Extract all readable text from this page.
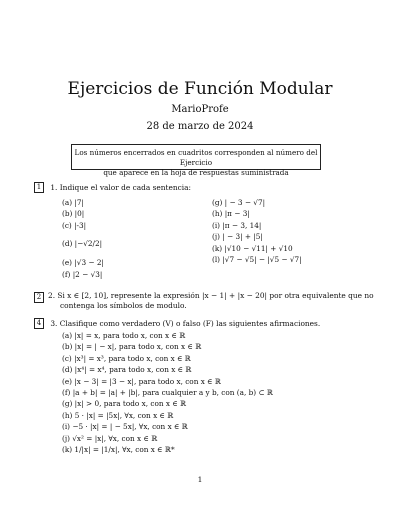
Ejercicios de Función Modular
MarioProfe
28 de marzo de 2024
Los números encerrados en cuadritos corresponden al número del Ejercicio
que aparece en la hoja de respuestas suministrada
1 1. Indique el valor de cada sentencia:
(a) |7|
(b) |0|
(c) |-3|
(d) |−√2/2|
(e) |√3 − 2|
(f) |2 − √3|
(g) | − 3 − √7|
(h) |π − 3|
(i) |π − 3, 14|
(j) | − 3| + |5|
(k) |√10 − √11| + √10
(l) |√7 − √5| − |√5 − √7|
2 2. Si x ∈ [2, 10], represente la expresión |x − 1| + |x − 20| por otra equivalente que no
contenga los símbolos de modulo.
4 3. Clasifique como verdadero (V) o falso (F) las siguientes afirmaciones.
(a) |x| = x, para todo x, con x ∈ ℝ
(b) |x| = | − x|, para todo x, con x ∈ ℝ
(c) |x³| = x³, para todo x, con x ∈ ℝ
(d) |x⁴| = x⁴, para todo x, con x ∈ ℝ
(e) |x − 3| = |3 − x|, para todo x, con x ∈ ℝ
(f) |a + b| = |a| + |b|, para cualquier a y b, con (a, b) ⊂ ℝ
(g) |x| > 0, para todo x, con x ∈ ℝ
(h) 5 · |x| = |5x|, ∀x, con x ∈ ℝ
(i) −5 · |x| = | − 5x|, ∀x, con x ∈ ℝ
(j) √x² = |x|, ∀x, con x ∈ ℝ
(k) 1/|x| = |1/x|, ∀x, con x ∈ ℝ*
1
